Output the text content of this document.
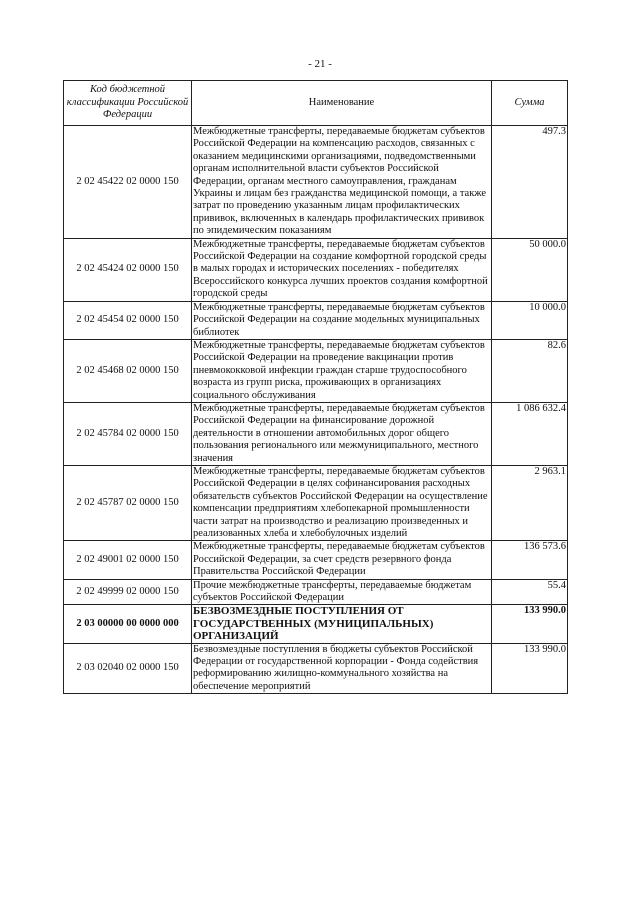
- 21 -
Код бюджетной классификации Российской Федерации	Наименование	Сумма
2 02 45422 02 0000 150	Межбюджетные трансферты, передаваемые бюджетам субъектов Российской Федерации на компенсацию расходов, связанных с оказанием медицинскими организациями, подведомственными органам исполнительной власти субъектов Российской Федерации, органам местного самоуправления, гражданам Украины и лицам без гражданства медицинской помощи, а также затрат по проведению указанным лицам профилактических прививок, включенных в календарь профилактических прививок по эпидемическим показаниям	497.3
2 02 45424 02 0000 150	Межбюджетные трансферты, передаваемые бюджетам субъектов Российской Федерации на создание комфортной городской среды в малых городах и исторических поселениях - победителях Всероссийского конкурса лучших проектов создания комфортной городской среды	50 000.0
2 02 45454 02 0000 150	Межбюджетные трансферты, передаваемые бюджетам субъектов Российской Федерации на создание модельных муниципальных библиотек	10 000.0
2 02 45468 02 0000 150	Межбюджетные трансферты, передаваемые бюджетам субъектов Российской Федерации на проведение вакцинации против пневмококковой инфекции граждан старше трудоспособного возраста из групп риска, проживающих в организациях социального обслуживания	82.6
2 02 45784 02 0000 150	Межбюджетные трансферты, передаваемые бюджетам субъектов Российской Федерации на финансирование дорожной деятельности в отношении автомобильных дорог общего пользования регионального или межмуниципального, местного значения	1 086 632.4
2 02 45787 02 0000 150	Межбюджетные трансферты, передаваемые бюджетам субъектов Российской Федерации в целях софинансирования расходных обязательств субъектов Российской Федерации на осуществление компенсации предприятиям хлебопекарной промышленности части затрат на производство и реализацию произведенных и реализованных хлеба и хлебобулочных изделий	2 963.1
2 02 49001 02 0000 150	Межбюджетные трансферты, передаваемые бюджетам субъектов Российской Федерации, за счет средств резервного фонда Правительства Российской Федерации	136 573.6
2 02 49999 02 0000 150	Прочие межбюджетные трансферты, передаваемые бюджетам субъектов Российской Федерации	55.4
2 03 00000 00 0000 000	БЕЗВОЗМЕЗДНЫЕ ПОСТУПЛЕНИЯ ОТ ГОСУДАРСТВЕННЫХ (МУНИЦИПАЛЬНЫХ) ОРГАНИЗАЦИЙ	133 990.0
2 03 02040 02 0000 150	Безвозмездные поступления в бюджеты субъектов Российской Федерации от государственной корпорации - Фонда содействия реформированию жилищно-коммунального хозяйства на обеспечение мероприятий	133 990.0
